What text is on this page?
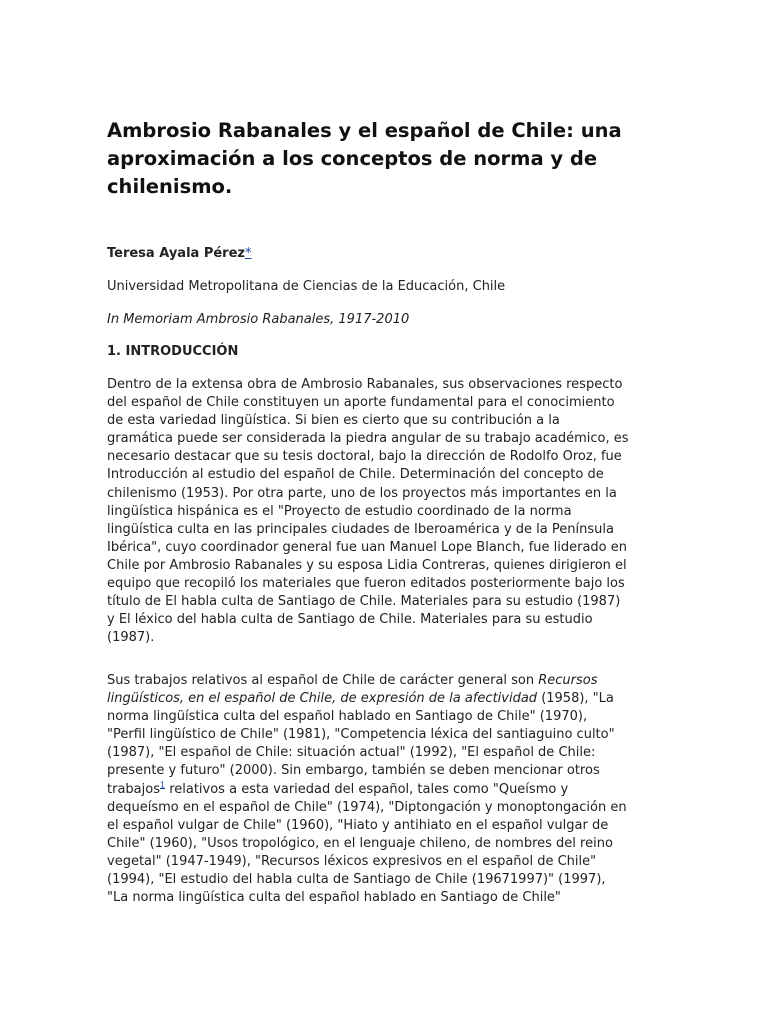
Ambrosio Rabanales y el español de Chile: una
aproximación a los conceptos de norma y de
chilenismo.
Teresa Ayala Pérez*
Universidad Metropolitana de Ciencias de la Educación, Chile
In Memoriam Ambrosio Rabanales, 1917-2010
1. INTRODUCCIÓN
Dentro de la extensa obra de Ambrosio Rabanales, sus observaciones respecto
del español de Chile constituyen un aporte fundamental para el conocimiento
de esta variedad lingüística. Si bien es cierto que su contribución a la
gramática puede ser considerada la piedra angular de su trabajo académico, es
necesario destacar que su tesis doctoral, bajo la dirección de Rodolfo Oroz, fue
Introducción al estudio del español de Chile. Determinación del concepto de
chilenismo (1953). Por otra parte, uno de los proyectos más importantes en la
lingüística hispánica es el "Proyecto de estudio coordinado de la norma
lingüística culta en las principales ciudades de Iberoamérica y de la Península
Ibérica", cuyo coordinador general fue uan Manuel Lope Blanch, fue liderado en
Chile por Ambrosio Rabanales y su esposa Lidia Contreras, quienes dirigieron el
equipo que recopiló los materiales que fueron editados posteriormente bajo los
título de El habla culta de Santiago de Chile. Materiales para su estudio (1987)
y El léxico del habla culta de Santiago de Chile. Materiales para su estudio
(1987).
Sus trabajos relativos al español de Chile de carácter general son Recursos
lingüísticos, en el español de Chile, de expresión de la afectividad (1958), "La
norma lingüística culta del español hablado en Santiago de Chile" (1970),
"Perfil lingüístico de Chile" (1981), "Competencia léxica del santiaguino culto"
(1987), "El español de Chile: situación actual" (1992), "El español de Chile:
presente y futuro" (2000). Sin embargo, también se deben mencionar otros
trabajos$^1$ relativos a esta variedad del español, tales como "Queísmo y
dequeísmo en el español de Chile" (1974), "Diptongación y monoptongación en
el español vulgar de Chile" (1960), "Hiato y antihiato en el español vulgar de
Chile" (1960), "Usos tropológico, en el lenguaje chileno, de nombres del reino
vegetal" (1947-1949), "Recursos léxicos expresivos en el español de Chile"
(1994), "El estudio del habla culta de Santiago de Chile (19671997)" (1997),
"La norma lingüística culta del español hablado en Santiago de Chile"
